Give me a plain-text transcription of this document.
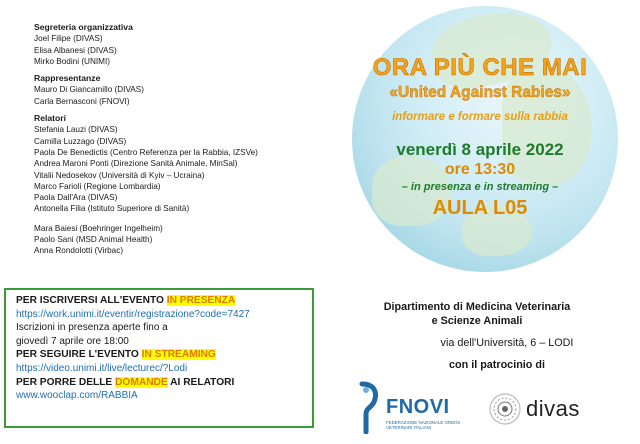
Segreteria organizzativa
Joel Filipe (DIVAS)
Elisa Albanesi (DIVAS)
Mirko Bodini (UNIMI)
Rappresentanze
Mauro Di Giancamillo (DIVAS)
Carla Bernasconi (FNOVI)
Relatori
Stefania Lauzi (DIVAS)
Camilla Luzzago (DIVAS)
Paola De Benedictis (Centro Referenza per la Rabbia, IZSVe)
Andrea Maroni Ponti (Direzione Sanità Animale, MinSal)
Vitalii Nedosekov (Università di Kyiv – Ucraina)
Marco Farioli (Regione Lombardia)
Paola Dall'Ara (DIVAS)
Antonella Filia (Istituto Superiore di Sanità)
Mara Baiesi (Boehringer Ingelheim)
Paolo Sani (MSD Animal Health)
Anna Rondolotti (Virbac)
ORA PIÙ CHE MAI
«United Against Rabies»
informare e formare sulla rabbia
venerdì 8 aprile 2022
ore 13:30
– in presenza e in streaming –
AULA L05
PER ISCRIVERSI ALL'EVENTO IN PRESENZA
https://work.unimi.it/eventir/registrazione?code=7427
Iscrizioni in presenza aperte fino a
giovedì 7 aprile ore 18:00
PER SEGUIRE L'EVENTO IN STREAMING
https://video.unimi.it/live/lecturec/?Lodi
PER PORRE DELLE DOMANDE AI RELATORI
www.wooclap.com/RABBIA
Dipartimento di Medicina Veterinaria
e Scienze Animali
via dell'Università, 6 – LODI
con il patrocinio di
FNOVI
FEDERAZIONE NAZIONALE ORDINI VETERINARI ITALIANI
divas
